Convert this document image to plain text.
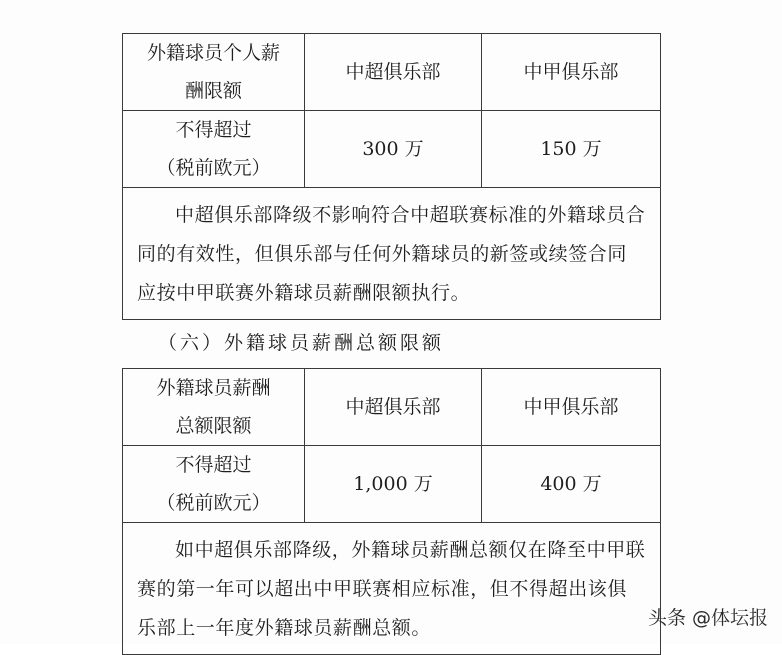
外籍球员个人薪酬限额	中超俱乐部	中甲俱乐部
不得超过
（税前欧元）	300 万	150 万

中超俱乐部降级不影响符合中超联赛标准的外籍球员合同的有效性，但俱乐部与任何外籍球员的新签或续签合同应按中甲联赛外籍球员薪酬限额执行。		
（六）外籍球员薪酬总额限额
外籍球员薪酬总额限额	中超俱乐部	中甲俱乐部
不得超过
（税前欧元）	1,000 万	400 万

如中超俱乐部降级，外籍球员薪酬总额仅在降至中甲联赛的第一年可以超出中甲联赛相应标准，但不得超出该俱乐部上一年度外籍球员薪酬总额。			头条 @体坛报
